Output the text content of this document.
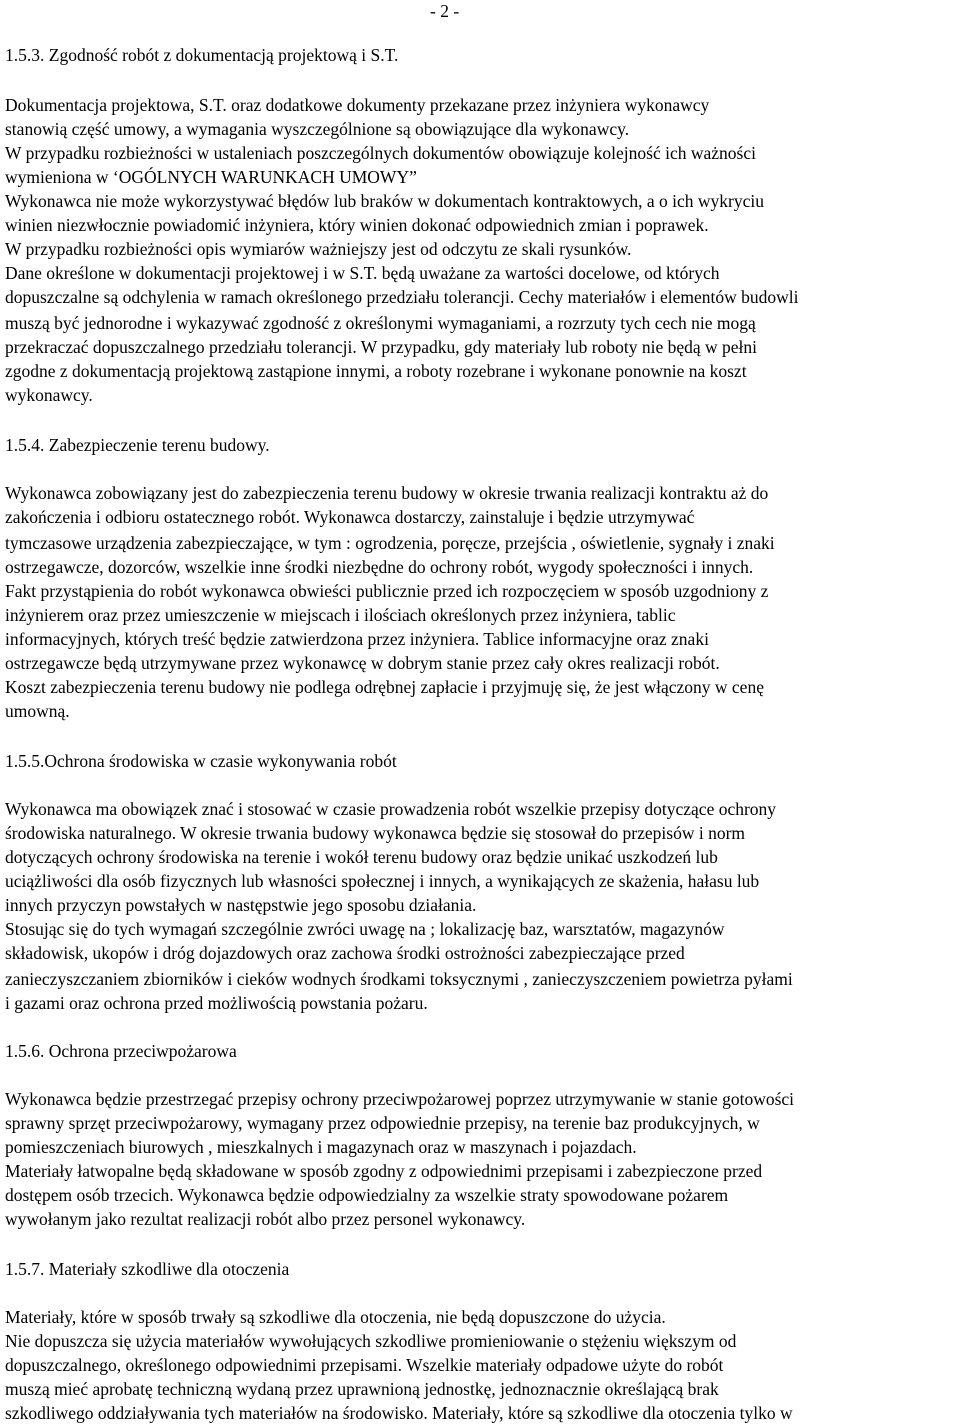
- 2 -
1.5.3. Zgodność robót z dokumentacją projektową i S.T.
Dokumentacja projektowa, S.T. oraz dodatkowe dokumenty przekazane przez inżyniera wykonawcy
stanowią część umowy, a wymagania wyszczególnione są obowiązujące dla wykonawcy.
W przypadku rozbieżności w ustaleniach poszczególnych dokumentów obowiązuje kolejność ich ważności
wymieniona w ‘OGÓLNYCH WARUNKACH UMOWY”
Wykonawca nie może wykorzystywać błędów lub braków w dokumentach kontraktowych, a o ich wykryciu
winien niezwłocznie powiadomić inżyniera, który winien dokonać odpowiednich zmian i poprawek.
W przypadku rozbieżności opis wymiarów ważniejszy jest od odczytu ze skali rysunków.
Dane określone w dokumentacji projektowej i w S.T. będą uważane za wartości docelowe, od których
dopuszczalne są odchylenia w ramach określonego przedziału tolerancji. Cechy materiałów i elementów budowli
muszą być jednorodne i wykazywać zgodność z określonymi wymaganiami, a rozrzuty tych cech nie mogą
przekraczać dopuszczalnego przedziału tolerancji. W przypadku, gdy materiały lub roboty nie będą w pełni
zgodne z dokumentacją projektową zastąpione innymi, a roboty rozebrane i wykonane ponownie na koszt
wykonawcy.
1.5.4. Zabezpieczenie terenu budowy.
Wykonawca zobowiązany jest do zabezpieczenia terenu budowy w okresie trwania realizacji kontraktu aż do
zakończenia i odbioru ostatecznego robót. Wykonawca dostarczy, zainstaluje i będzie utrzymywać
tymczasowe urządzenia zabezpieczające, w tym : ogrodzenia, poręcze, przejścia , oświetlenie, sygnały i znaki
ostrzegawcze, dozorców, wszelkie inne środki niezbędne do ochrony robót, wygody społeczności i innych.
Fakt przystąpienia do robót wykonawca obwieści publicznie przed ich rozpoczęciem w sposób uzgodniony z
inżynierem oraz przez umieszczenie w miejscach i ilościach określonych przez inżyniera, tablic
informacyjnych, których treść będzie zatwierdzona przez inżyniera. Tablice informacyjne oraz znaki
ostrzegawcze będą utrzymywane przez wykonawcę w dobrym stanie przez cały okres realizacji robót.
Koszt zabezpieczenia terenu budowy nie podlega odrębnej zapłacie i przyjmuję się, że jest włączony w cenę
umowną.
1.5.5.Ochrona środowiska w czasie wykonywania robót
Wykonawca ma obowiązek znać i stosować w czasie prowadzenia robót wszelkie przepisy dotyczące ochrony
środowiska naturalnego. W okresie trwania budowy wykonawca będzie się stosował do przepisów i norm
dotyczących ochrony środowiska na terenie i wokół terenu budowy oraz będzie unikać uszkodzeń lub
uciążliwości dla osób fizycznych lub własności społecznej i innych, a wynikających ze skażenia, hałasu lub
innych przyczyn powstałych w następstwie jego sposobu działania.
Stosując się do tych wymagań szczególnie zwróci uwagę na ; lokalizację baz, warsztatów, magazynów
składowisk, ukopów i dróg dojazdowych oraz zachowa środki ostrożności zabezpieczające przed
zanieczyszczaniem zbiorników i cieków wodnych środkami toksycznymi , zanieczyszczeniem powietrza pyłami
i gazami oraz ochrona przed możliwością powstania pożaru.
1.5.6. Ochrona przeciwpożarowa
Wykonawca będzie przestrzegać przepisy ochrony przeciwpożarowej poprzez utrzymywanie w stanie gotowości
sprawny sprzęt przeciwpożarowy, wymagany przez odpowiednie przepisy, na terenie baz produkcyjnych, w
pomieszczeniach biurowych , mieszkalnych i magazynach oraz w maszynach i pojazdach.
Materiały łatwopalne będą składowane w sposób zgodny z odpowiednimi przepisami i zabezpieczone przed
dostępem osób trzecich. Wykonawca będzie odpowiedzialny za wszelkie straty spowodowane pożarem
wywołanym jako rezultat realizacji robót albo przez personel wykonawcy.
1.5.7. Materiały szkodliwe dla otoczenia
Materiały, które w sposób trwały są szkodliwe dla otoczenia, nie będą dopuszczone do użycia.
Nie dopuszcza się użycia materiałów wywołujących szkodliwe promieniowanie o stężeniu większym od
dopuszczalnego, określonego odpowiednimi przepisami. Wszelkie materiały odpadowe użyte do robót
muszą mieć aprobatę techniczną wydaną przez uprawnioną jednostkę, jednoznacznie określającą brak
szkodliwego oddziaływania tych materiałów na środowisko. Materiały, które są szkodliwe dla otoczenia tylko w
